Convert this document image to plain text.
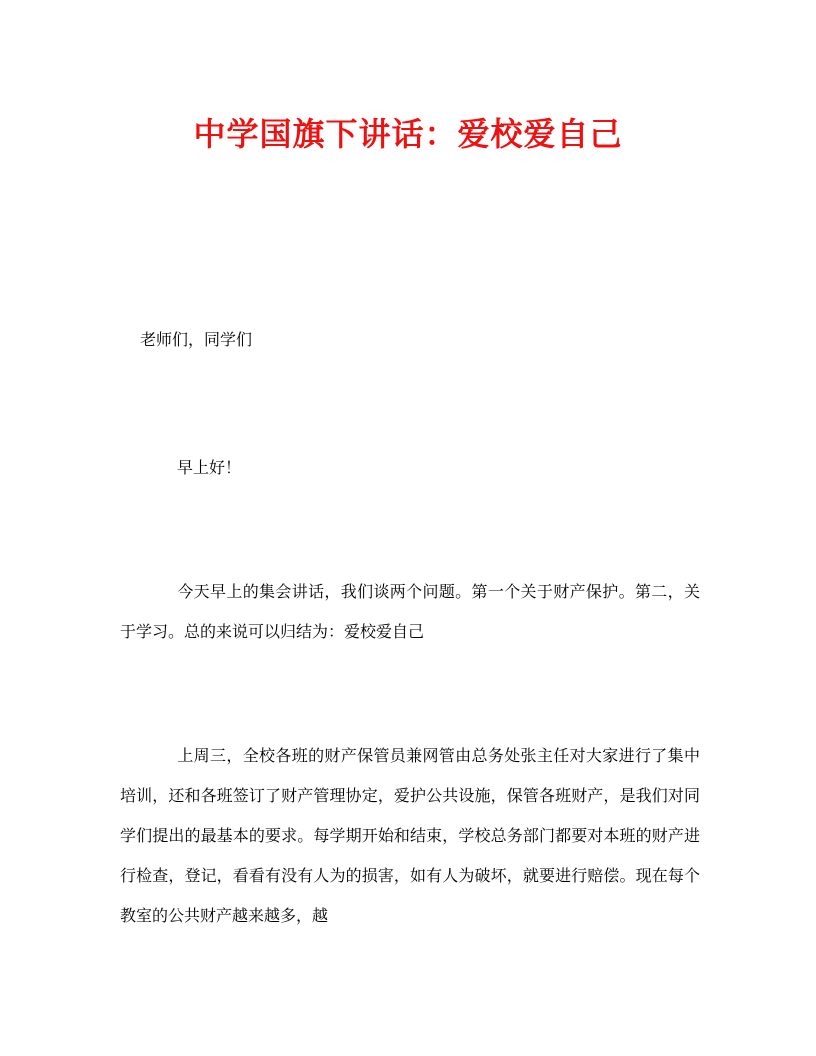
中学国旗下讲话：爱校爱自己
老师们，同学们
早上好！
今天早上的集会讲话，我们谈两个问题。第一个关于财产保护。第二，关于学习。总的来说可以归结为：爱校爱自己
上周三，全校各班的财产保管员兼网管由总务处张主任对大家进行了集中培训，还和各班签订了财产管理协定，爱护公共设施，保管各班财产，是我们对同学们提出的最基本的要求。每学期开始和结束，学校总务部门都要对本班的财产进行检查，登记，看看有没有人为的损害，如有人为破坏，就要进行赔偿。现在每个教室的公共财产越来越多，越
